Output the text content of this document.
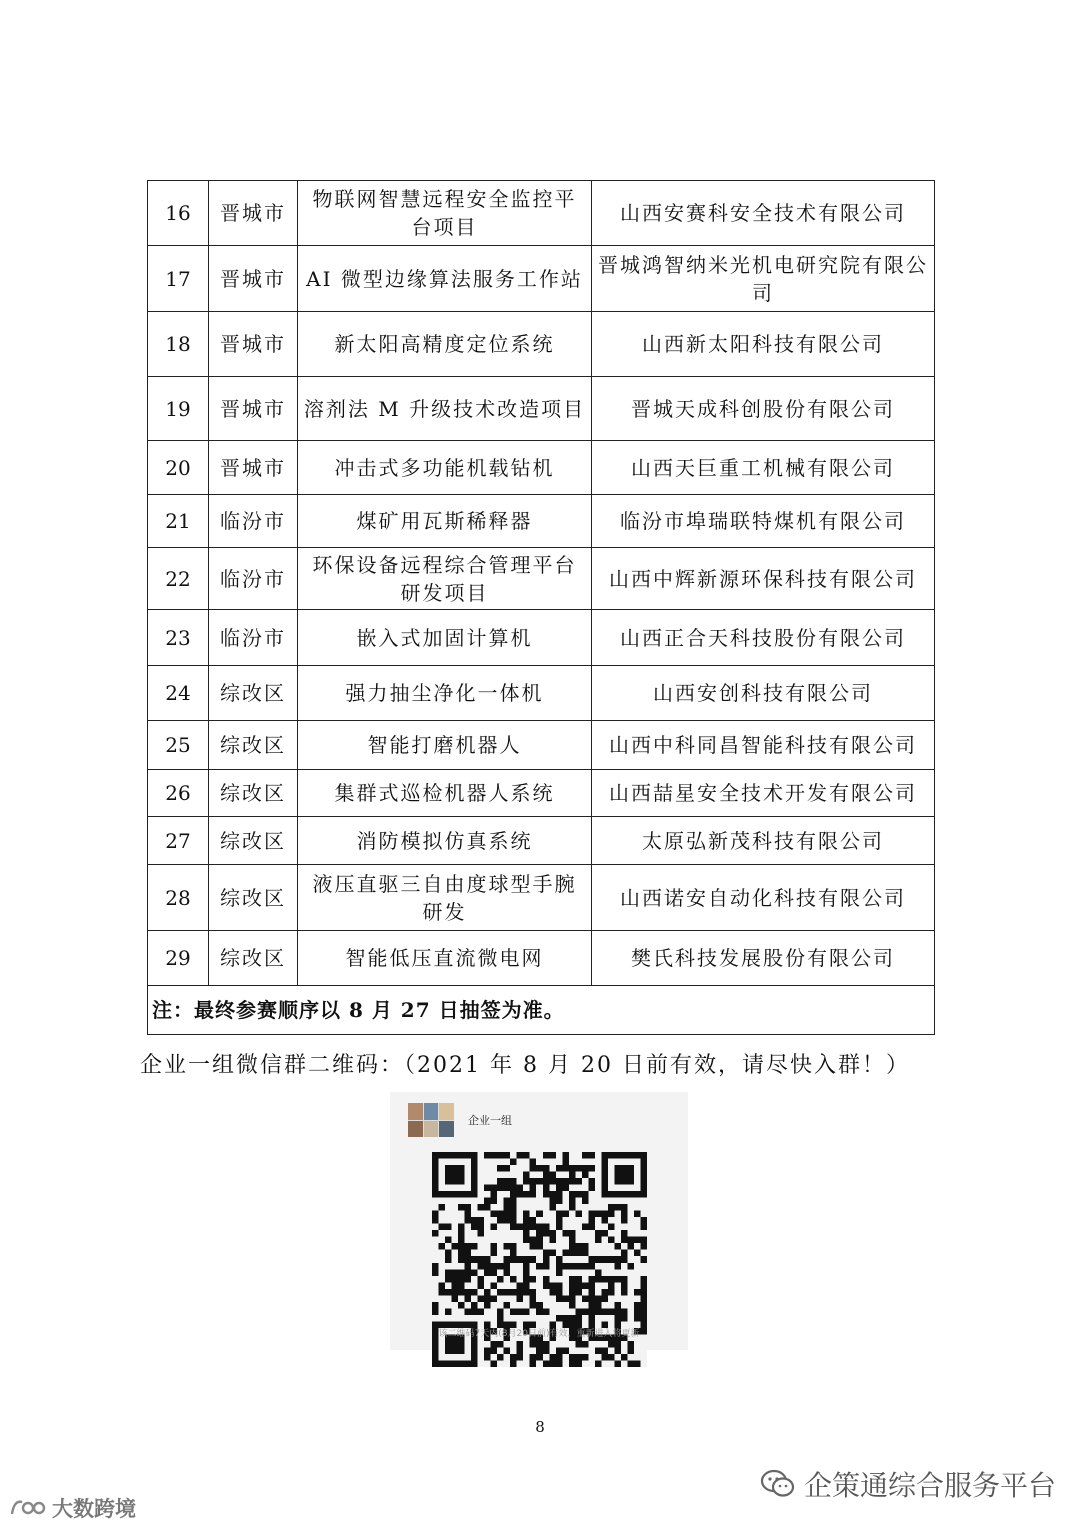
16	晋城市	物联网智慧远程安全监控平台项目	山西安赛科安全技术有限公司
17	晋城市	AI 微型边缘算法服务工作站	晋城鸿智纳米光机电研究院有限公司
18	晋城市	新太阳高精度定位系统	山西新太阳科技有限公司
19	晋城市	溶剂法 M 升级技术改造项目	晋城天成科创股份有限公司
20	晋城市	冲击式多功能机载钻机	山西天巨重工机械有限公司
21	临汾市	煤矿用瓦斯稀释器	临汾市埠瑞联特煤机有限公司
22	临汾市	环保设备远程综合管理平台研发项目	山西中辉新源环保科技有限公司
23	临汾市	嵌入式加固计算机	山西正合天科技股份有限公司
24	综改区	强力抽尘净化一体机	山西安创科技有限公司
25	综改区	智能打磨机器人	山西中科同昌智能科技有限公司
26	综改区	集群式巡检机器人系统	山西喆星安全技术开发有限公司
27	综改区	消防模拟仿真系统	太原弘新茂科技有限公司
28	综改区	液压直驱三自由度球型手腕研发	山西诺安自动化科技有限公司
29	综改区	智能低压直流微电网	樊氏科技发展股份有限公司
注：最终参赛顺序以 8 月 27 日抽签为准。			
企业一组微信群二维码：（2021 年 8 月 20 日前有效，请尽快入群！）
企业一组
该二维码7天内(8月20日前)有效，重新进入将更新
8
企策通综合服务平台
大数跨境
